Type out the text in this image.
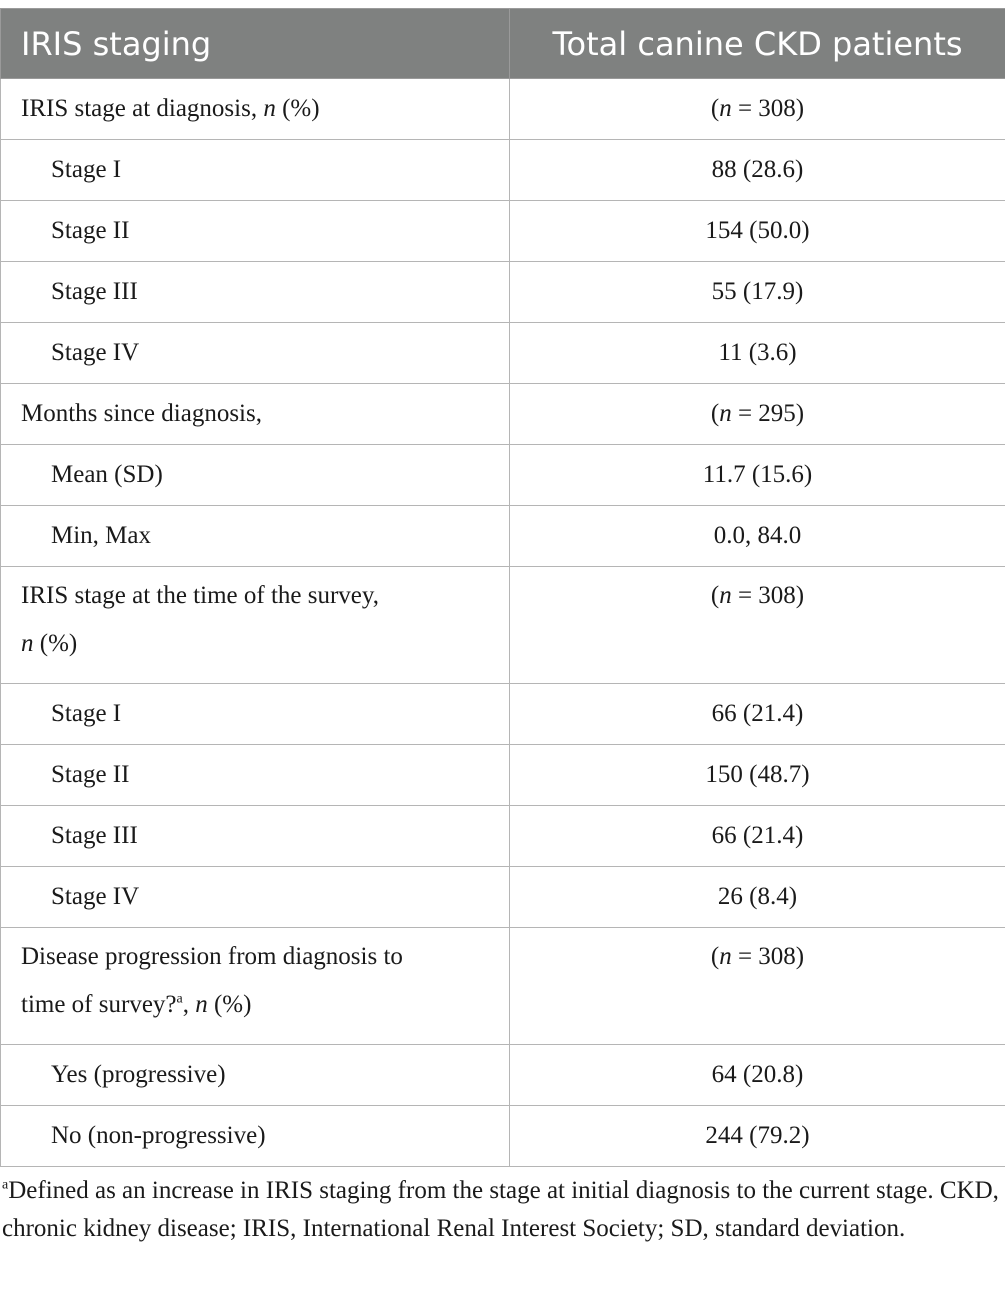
IRIS staging	Total canine CKD patients
IRIS stage at diagnosis, n (%)	(n = 308)
Stage I	88 (28.6)
Stage II	154 (50.0)
Stage III	55 (17.9)
Stage IV	11 (3.6)
Months since diagnosis,	(n = 295)
Mean (SD)	11.7 (15.6)
Min, Max	0.0, 84.0
IRIS stage at the time of the survey,
n (%)	(n = 308)
Stage I	66 (21.4)
Stage II	150 (48.7)
Stage III	66 (21.4)
Stage IV	26 (8.4)
Disease progression from diagnosis to
time of survey?$^a$, n (%)	(n = 308)
Yes (progressive)	64 (20.8)
No (non-progressive)	244 (79.2)
$^a$Defined as an increase in IRIS staging from the stage at initial diagnosis to the current stage. CKD, chronic kidney disease; IRIS, International Renal Interest Society; SD, standard deviation.
